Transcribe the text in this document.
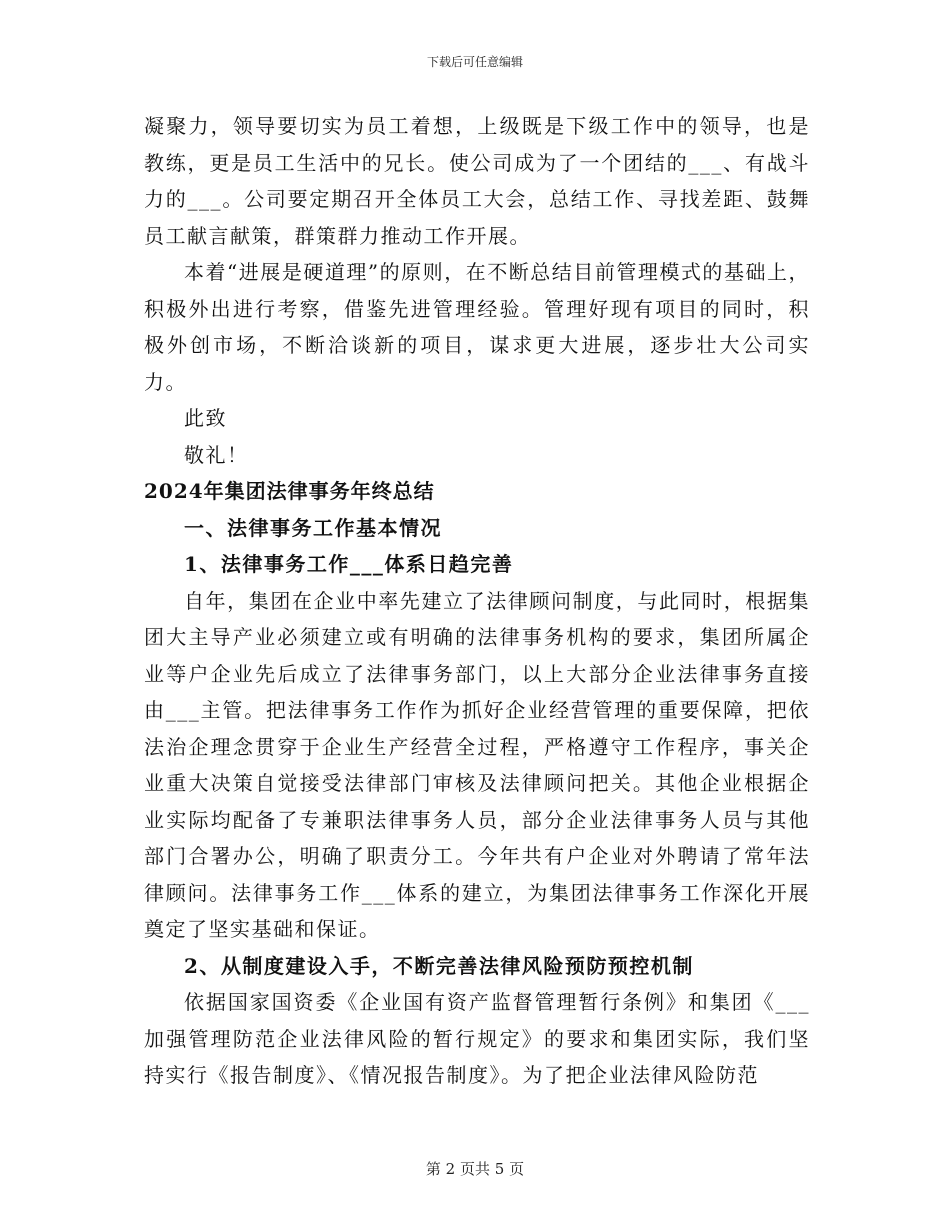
下载后可任意编辑

凝聚力，领导要切实为员工着想，上级既是下级工作中的领导，也是教练，更是员工生活中的兄长。使公司成为了一个团结的___、有战斗力的___。公司要定期召开全体员工大会，总结工作、寻找差距、鼓舞员工献言献策，群策群力推动工作开展。

本着“进展是硬道理”的原则，在不断总结目前管理模式的基础上，积极外出进行考察，借鉴先进管理经验。管理好现有项目的同时，积极外创市场，不断洽谈新的项目，谋求更大进展，逐步壮大公司实力。

此致

敬礼！

2024年集团法律事务年终总结

一、法律事务工作基本情况

1、法律事务工作___体系日趋完善

自年，集团在企业中率先建立了法律顾问制度，与此同时，根据集团大主导产业必须建立或有明确的法律事务机构的要求，集团所属企业等户企业先后成立了法律事务部门，以上大部分企业法律事务直接由___主管。把法律事务工作作为抓好企业经营管理的重要保障，把依法治企理念贯穿于企业生产经营全过程，严格遵守工作程序，事关企业重大决策自觉接受法律部门审核及法律顾问把关。其他企业根据企业实际均配备了专兼职法律事务人员，部分企业法律事务人员与其他部门合署办公，明确了职责分工。今年共有户企业对外聘请了常年法律顾问。法律事务工作___体系的建立，为集团法律事务工作深化开展奠定了坚实基础和保证。

2、从制度建设入手，不断完善法律风险预防预控机制

依据国家国资委《企业国有资产监督管理暂行条例》和集团《___加强管理防范企业法律风险的暂行规定》的要求和集团实际，我们坚持实行《报告制度》、《情况报告制度》。为了把企业法律风险防范

第 2 页共 5 页
